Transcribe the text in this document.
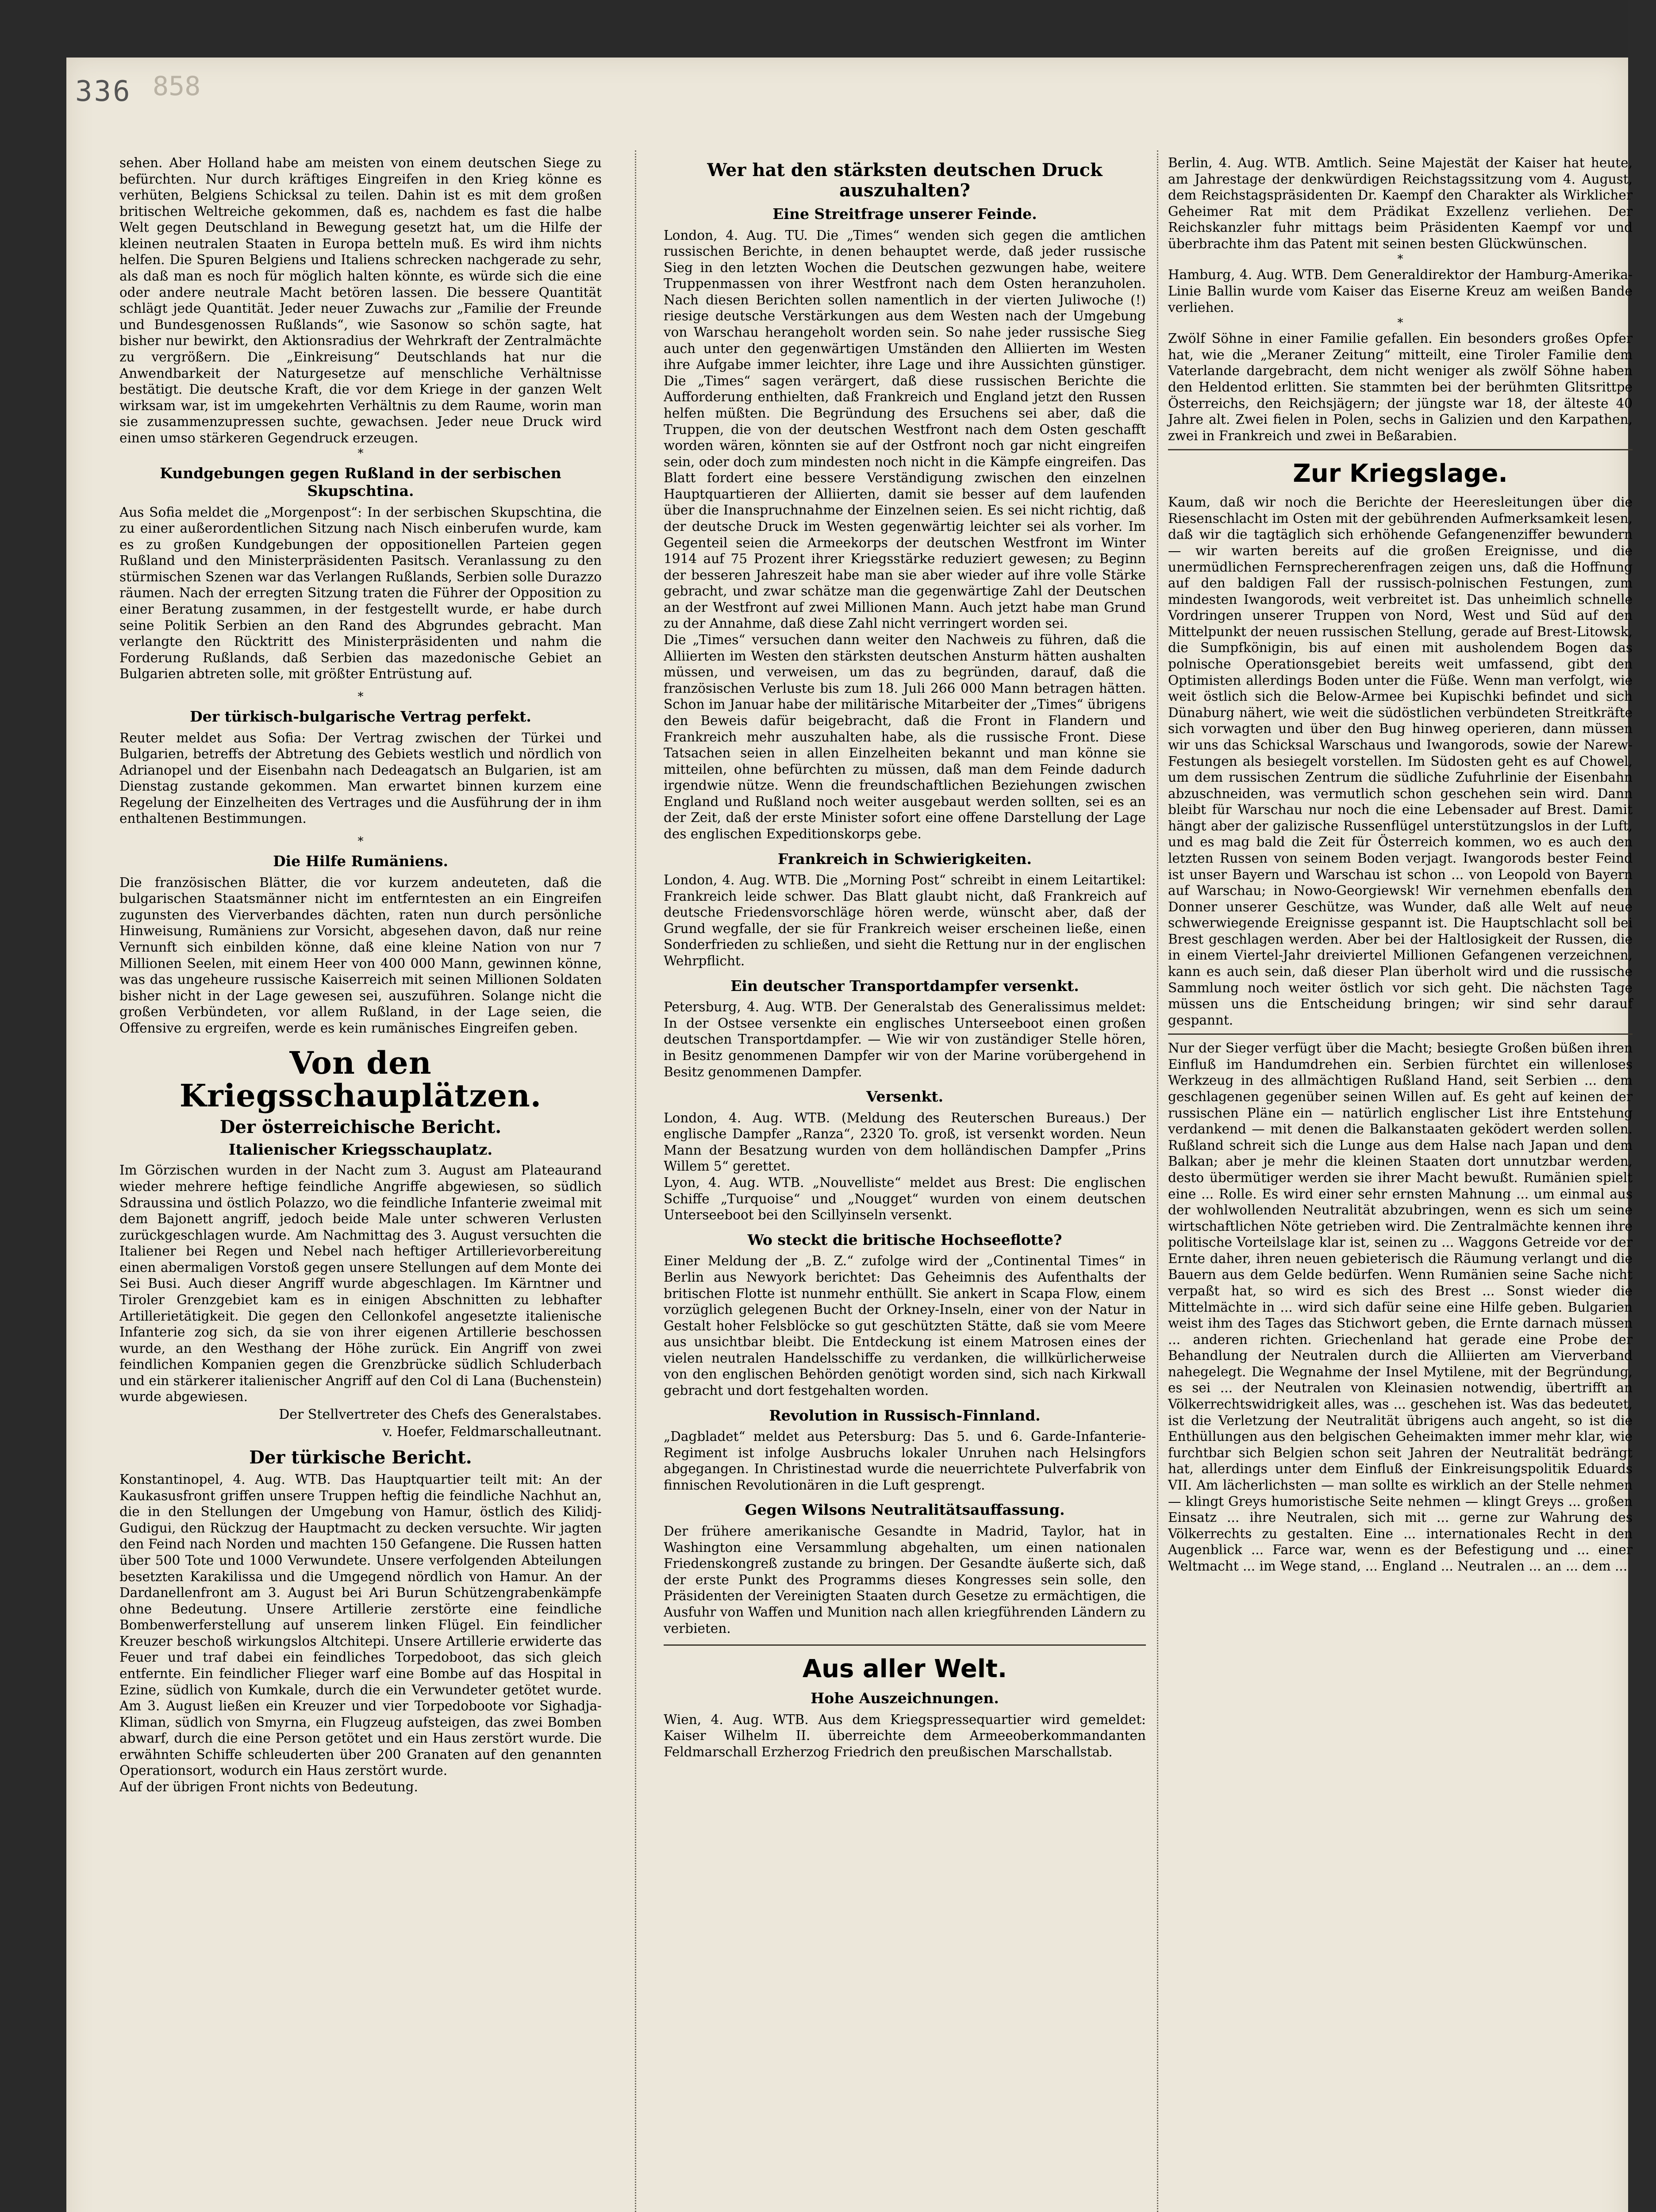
336 858

sehen. Aber Holland habe am meisten von einem deutschen Siege zu befürchten. Nur durch kräftiges Eingreifen in den Krieg könne es verhüten, Belgiens Schicksal zu teilen. Dahin ist es mit dem großen britischen Weltreiche gekommen, daß es, nachdem es fast die halbe Welt gegen Deutschland in Bewegung gesetzt hat, um die Hilfe der kleinen neutralen Staaten in Europa betteln muß. Es wird ihm nichts helfen. Die Spuren Belgiens und Italiens schrecken nachgerade zu sehr, als daß man es noch für möglich halten könnte, es würde sich die eine oder andere neutrale Macht betören lassen. Die bessere Quantität schlägt jede Quantität. Jeder neuer Zuwachs zur „Familie der Freunde und Bundesgenossen Rußlands“, wie Sasonow so schön sagte, hat bisher nur bewirkt, den Aktionsradius der Wehrkraft der Zentralmächte zu vergrößern. Die „Einkreisung“ Deutschlands hat nur die Anwendbarkeit der Naturgesetze auf menschliche Verhältnisse bestätigt. Die deutsche Kraft, die vor dem Kriege in der ganzen Welt wirksam war, ist im umgekehrten Verhältnis zu dem Raume, worin man sie zusammenzupressen suchte, gewachsen. Jeder neue Druck wird einen umso stärkeren Gegendruck erzeugen.

*
Kundgebungen gegen Rußland in der serbischen Skupschtina.

Aus Sofia meldet die „Morgenpost“: In der serbischen Skupschtina, die zu einer außerordentlichen Sitzung nach Nisch einberufen wurde, kam es zu großen Kundgebungen der oppositionellen Parteien gegen Rußland und den Ministerpräsidenten Pasitsch. Veranlassung zu den stürmischen Szenen war das Verlangen Rußlands, Serbien solle Durazzo räumen. Nach der erregten Sitzung traten die Führer der Opposition zu einer Beratung zusammen, in der festgestellt wurde, er habe durch seine Politik Serbien an den Rand des Abgrundes gebracht. Man verlangte den Rücktritt des Ministerpräsidenten und nahm die Forderung Rußlands, daß Serbien das mazedonische Gebiet an Bulgarien abtreten solle, mit größter Entrüstung auf.

*
Der türkisch-bulgarische Vertrag perfekt.

Reuter meldet aus Sofia: Der Vertrag zwischen der Türkei und Bulgarien, betreffs der Abtretung des Gebiets westlich und nördlich von Adrianopel und der Eisenbahn nach Dedeagatsch an Bulgarien, ist am Dienstag zustande gekommen. Man erwartet binnen kurzem eine Regelung der Einzelheiten des Vertrages und die Ausführung der in ihm enthaltenen Bestimmungen.

*
Die Hilfe Rumäniens.

Die französischen Blätter, die vor kurzem andeuteten, daß die bulgarischen Staatsmänner nicht im entferntesten an ein Eingreifen zugunsten des Vierverbandes dächten, raten nun durch persönliche Hinweisung, Rumäniens zur Vorsicht, abgesehen davon, daß nur reine Vernunft sich einbilden könne, daß eine kleine Nation von nur 7 Millionen Seelen, mit einem Heer von 400 000 Mann, gewinnen könne, was das ungeheure russische Kaiserreich mit seinen Millionen Soldaten bisher nicht in der Lage gewesen sei, auszuführen. Solange nicht die großen Verbündeten, vor allem Rußland, in der Lage seien, die Offensive zu ergreifen, werde es kein rumänisches Eingreifen geben.

Von den Kriegsschauplätzen.
Der österreichische Bericht.
Italienischer Kriegsschauplatz.

Im Görzischen wurden in der Nacht zum 3. August am Plateaurand wieder mehrere heftige feindliche Angriffe abgewiesen, so südlich Sdraussina und östlich Polazzo, wo die feindliche Infanterie zweimal mit dem Bajonett angriff, jedoch beide Male unter schweren Verlusten zurückgeschlagen wurde. Am Nachmittag des 3. August versuchten die Italiener bei Regen und Nebel nach heftiger Artillerievorbereitung einen abermaligen Vorstoß gegen unsere Stellungen auf dem Monte dei Sei Busi. Auch dieser Angriff wurde abgeschlagen. Im Kärntner und Tiroler Grenzgebiet kam es in einigen Abschnitten zu lebhafter Artillerietätigkeit. Die gegen den Cellonkofel angesetzte italienische Infanterie zog sich, da sie von ihrer eigenen Artillerie beschossen wurde, an den Westhang der Höhe zurück. Ein Angriff von zwei feindlichen Kompanien gegen die Grenzbrücke südlich Schluderbach und ein stärkerer italienischer Angriff auf den Col di Lana (Buchenstein) wurde abgewiesen.

Der Stellvertreter des Chefs des Generalstabes.
v. Hoefer, Feldmarschalleutnant.
Der türkische Bericht.

Konstantinopel, 4. Aug. WTB. Das Hauptquartier teilt mit: An der Kaukasusfront griffen unsere Truppen heftig die feindliche Nachhut an, die in den Stellungen der Umgebung von Hamur, östlich des Kilidj-Gudigui, den Rückzug der Hauptmacht zu decken versuchte. Wir jagten den Feind nach Norden und machten 150 Gefangene. Die Russen hatten über 500 Tote und 1000 Verwundete. Unsere verfolgenden Abteilungen besetzten Karakilissa und die Umgegend nördlich von Hamur. An der Dardanellenfront am 3. August bei Ari Burun Schützengrabenkämpfe ohne Bedeutung. Unsere Artillerie zerstörte eine feindliche Bombenwerferstellung auf unserem linken Flügel. Ein feindlicher Kreuzer beschoß wirkungslos Altchitepi. Unsere Artillerie erwiderte das Feuer und traf dabei ein feindliches Torpedoboot, das sich gleich entfernte. Ein feindlicher Flieger warf eine Bombe auf das Hospital in Ezine, südlich von Kumkale, durch die ein Verwundeter getötet wurde. Am 3. August ließen ein Kreuzer und vier Torpedoboote vor Sighadja-Kliman, südlich von Smyrna, ein Flugzeug aufsteigen, das zwei Bomben abwarf, durch die eine Person getötet und ein Haus zerstört wurde. Die erwähnten Schiffe schleuderten über 200 Granaten auf den genannten Operationsort, wodurch ein Haus zerstört wurde.

Auf der übrigen Front nichts von Bedeutung.

Wer hat den stärksten deutschen Druck auszuhalten?
Eine Streitfrage unserer Feinde.

London, 4. Aug. TU. Die „Times“ wenden sich gegen die amtlichen russischen Berichte, in denen behauptet werde, daß jeder russische Sieg in den letzten Wochen die Deutschen gezwungen habe, weitere Truppenmassen von ihrer Westfront nach dem Osten heranzuholen. Nach diesen Berichten sollen namentlich in der vierten Juliwoche (!) riesige deutsche Verstärkungen aus dem Westen nach der Umgebung von Warschau herangeholt worden sein. So nahe jeder russische Sieg auch unter den gegenwärtigen Umständen den Alliierten im Westen ihre Aufgabe immer leichter, ihre Lage und ihre Aussichten günstiger. Die „Times“ sagen verärgert, daß diese russischen Berichte die Aufforderung enthielten, daß Frankreich und England jetzt den Russen helfen müßten. Die Begründung des Ersuchens sei aber, daß die Truppen, die von der deutschen Westfront nach dem Osten geschafft worden wären, könnten sie auf der Ostfront noch gar nicht eingreifen sein, oder doch zum mindesten noch nicht in die Kämpfe eingreifen. Das Blatt fordert eine bessere Verständigung zwischen den einzelnen Hauptquartieren der Alliierten, damit sie besser auf dem laufenden über die Inanspruchnahme der Einzelnen seien. Es sei nicht richtig, daß der deutsche Druck im Westen gegenwärtig leichter sei als vorher. Im Gegenteil seien die Armeekorps der deutschen Westfront im Winter 1914 auf 75 Prozent ihrer Kriegsstärke reduziert gewesen; zu Beginn der besseren Jahreszeit habe man sie aber wieder auf ihre volle Stärke gebracht, und zwar schätze man die gegenwärtige Zahl der Deutschen an der Westfront auf zwei Millionen Mann. Auch jetzt habe man Grund zu der Annahme, daß diese Zahl nicht verringert worden sei.

Die „Times“ versuchen dann weiter den Nachweis zu führen, daß die Alliierten im Westen den stärksten deutschen Ansturm hätten aushalten müssen, und verweisen, um das zu begründen, darauf, daß die französischen Verluste bis zum 18. Juli 266 000 Mann betragen hätten. Schon im Januar habe der militärische Mitarbeiter der „Times“ übrigens den Beweis dafür beigebracht, daß die Front in Flandern und Frankreich mehr auszuhalten habe, als die russische Front. Diese Tatsachen seien in allen Einzelheiten bekannt und man könne sie mitteilen, ohne befürchten zu müssen, daß man dem Feinde dadurch irgendwie nütze. Wenn die freundschaftlichen Beziehungen zwischen England und Rußland noch weiter ausgebaut werden sollten, sei es an der Zeit, daß der erste Minister sofort eine offene Darstellung der Lage des englischen Expeditionskorps gebe.

Frankreich in Schwierigkeiten.

London, 4. Aug. WTB. Die „Morning Post“ schreibt in einem Leitartikel: Frankreich leide schwer. Das Blatt glaubt nicht, daß Frankreich auf deutsche Friedensvorschläge hören werde, wünscht aber, daß der Grund wegfalle, der sie für Frankreich weiser erscheinen ließe, einen Sonderfrieden zu schließen, und sieht die Rettung nur in der englischen Wehrpflicht.

Ein deutscher Transportdampfer versenkt.

Petersburg, 4. Aug. WTB. Der Generalstab des Generalissimus meldet: In der Ostsee versenkte ein englisches Unterseeboot einen großen deutschen Transportdampfer. — Wie wir von zuständiger Stelle hören, in Besitz genommenen Dampfer wir von der Marine vorübergehend in Besitz genommenen Dampfer.

Versenkt.

London, 4. Aug. WTB. (Meldung des Reuterschen Bureaus.) Der englische Dampfer „Ranza“, 2320 To. groß, ist versenkt worden. Neun Mann der Besatzung wurden von dem holländischen Dampfer „Prins Willem 5“ gerettet.

Lyon, 4. Aug. WTB. „Nouvelliste“ meldet aus Brest: Die englischen Schiffe „Turquoise“ und „Nougget“ wurden von einem deutschen Unterseeboot bei den Scillyinseln versenkt.

Wo steckt die britische Hochseeflotte?

Einer Meldung der „B. Z.“ zufolge wird der „Continental Times“ in Berlin aus Newyork berichtet: Das Geheimnis des Aufenthalts der britischen Flotte ist nunmehr enthüllt. Sie ankert in Scapa Flow, einem vorzüglich gelegenen Bucht der Orkney-Inseln, einer von der Natur in Gestalt hoher Felsblöcke so gut geschützten Stätte, daß sie vom Meere aus unsichtbar bleibt. Die Entdeckung ist einem Matrosen eines der vielen neutralen Handelsschiffe zu verdanken, die willkürlicherweise von den englischen Behörden genötigt worden sind, sich nach Kirkwall gebracht und dort festgehalten worden.

Revolution in Russisch-Finnland.

„Dagbladet“ meldet aus Petersburg: Das 5. und 6. Garde-Infanterie-Regiment ist infolge Ausbruchs lokaler Unruhen nach Helsingfors abgegangen. In Christinestad wurde die neuerrichtete Pulverfabrik von finnischen Revolutionären in die Luft gesprengt.

Gegen Wilsons Neutralitätsauffassung.

Der frühere amerikanische Gesandte in Madrid, Taylor, hat in Washington eine Versammlung abgehalten, um einen nationalen Friedenskongreß zustande zu bringen. Der Gesandte äußerte sich, daß der erste Punkt des Programms dieses Kongresses sein solle, den Präsidenten der Vereinigten Staaten durch Gesetze zu ermächtigen, die Ausfuhr von Waffen und Munition nach allen kriegführenden Ländern zu verbieten.

Aus aller Welt.
Hohe Auszeichnungen.

Wien, 4. Aug. WTB. Aus dem Kriegspressequartier wird gemeldet: Kaiser Wilhelm II. überreichte dem Armeeoberkommandanten Feldmarschall Erzherzog Friedrich den preußischen Marschallstab.

Berlin, 4. Aug. WTB. Amtlich. Seine Majestät der Kaiser hat heute, am Jahrestage der denkwürdigen Reichstagssitzung vom 4. August, dem Reichstagspräsidenten Dr. Kaempf den Charakter als Wirklicher Geheimer Rat mit dem Prädikat Exzellenz verliehen. Der Reichskanzler fuhr mittags beim Präsidenten Kaempf vor und überbrachte ihm das Patent mit seinen besten Glückwünschen.

*

Hamburg, 4. Aug. WTB. Dem Generaldirektor der Hamburg-Amerika-Linie Ballin wurde vom Kaiser das Eiserne Kreuz am weißen Bande verliehen.

*

Zwölf Söhne in einer Familie gefallen. Ein besonders großes Opfer hat, wie die „Meraner Zeitung“ mitteilt, eine Tiroler Familie dem Vaterlande dargebracht, dem nicht weniger als zwölf Söhne haben den Heldentod erlitten. Sie stammten bei der berühmten Glitsrittpe Österreichs, den Reichsjägern; der jüngste war 18, der älteste 40 Jahre alt. Zwei fielen in Polen, sechs in Galizien und den Karpathen, zwei in Frankreich und zwei in Beßarabien.

Zur Kriegslage.

Kaum, daß wir noch die Berichte der Heeresleitungen über die Riesenschlacht im Osten mit der gebührenden Aufmerksamkeit lesen, daß wir die tagtäglich sich erhöhende Gefangenenziffer bewundern — wir warten bereits auf die großen Ereignisse, und die unermüdlichen Fernsprecherenfragen zeigen uns, daß die Hoffnung auf den baldigen Fall der russisch-polnischen Festungen, zum mindesten Iwangorods, weit verbreitet ist. Das unheimlich schnelle Vordringen unserer Truppen von Nord, West und Süd auf den Mittelpunkt der neuen russischen Stellung, gerade auf Brest-Litowsk, die Sumpfkönigin, bis auf einen mit ausholendem Bogen das polnische Operationsgebiet bereits weit umfassend, gibt den Optimisten allerdings Boden unter die Füße. Wenn man verfolgt, wie weit östlich sich die Below-Armee bei Kupischki befindet und sich Dünaburg nähert, wie weit die südöstlichen verbündeten Streitkräfte sich vorwagten und über den Bug hinweg operieren, dann müssen wir uns das Schicksal Warschaus und Iwangorods, sowie der Narew-Festungen als besiegelt vorstellen. Im Südosten geht es auf Chowel, um dem russischen Zentrum die südliche Zufuhrlinie der Eisenbahn abzuschneiden, was vermutlich schon geschehen sein wird. Dann bleibt für Warschau nur noch die eine Lebensader auf Brest. Damit hängt aber der galizische Russenflügel unterstützungslos in der Luft, und es mag bald die Zeit für Österreich kommen, wo es auch den letzten Russen von seinem Boden verjagt. Iwangorods bester Feind ist unser Bayern und Warschau ist schon ... von Leopold von Bayern auf Warschau; in Nowo-Georgiewsk! Wir vernehmen ebenfalls den Donner unserer Geschütze, was Wunder, daß alle Welt auf neue schwerwiegende Ereignisse gespannt ist. Die Hauptschlacht soll bei Brest geschlagen werden. Aber bei der Haltlosigkeit der Russen, die in einem Viertel-Jahr dreiviertel Millionen Gefangenen verzeichnen, kann es auch sein, daß dieser Plan überholt wird und die russische Sammlung noch weiter östlich vor sich geht. Die nächsten Tage müssen uns die Entscheidung bringen; wir sind sehr darauf gespannt.

Nur der Sieger verfügt über die Macht; besiegte Großen büßen ihren Einfluß im Handumdrehen ein. Serbien fürchtet ein willenloses Werkzeug in des allmächtigen Rußland Hand, seit Serbien ... dem geschlagenen gegenüber seinen Willen auf. Es geht auf keinen der russischen Pläne ein — natürlich englischer List ihre Entstehung verdankend — mit denen die Balkanstaaten geködert werden sollen. Rußland schreit sich die Lunge aus dem Halse nach Japan und dem Balkan; aber je mehr die kleinen Staaten dort unnutzbar werden, desto übermütiger werden sie ihrer Macht bewußt. Rumänien spielt eine ... Rolle. Es wird einer sehr ernsten Mahnung ... um einmal aus der wohlwollenden Neutralität abzubringen, wenn es sich um seine wirtschaftlichen Nöte getrieben wird. Die Zentralmächte kennen ihre politische Vorteilslage klar ist, seinen zu ... Waggons Getreide vor der Ernte daher, ihren neuen gebieterisch die Räumung verlangt und die Bauern aus dem Gelde bedürfen. Wenn Rumänien seine Sache nicht verpaßt hat, so wird es sich des Brest ... Sonst wieder die Mittelmächte in ... wird sich dafür seine eine Hilfe geben. Bulgarien weist ihm des Tages das Stichwort geben, die Ernte darnach müssen ... anderen richten. Griechenland hat gerade eine Probe der Behandlung der Neutralen durch die Alliierten am Vierverband nahegelegt. Die Wegnahme der Insel Mytilene, mit der Begründung, es sei ... der Neutralen von Kleinasien notwendig, übertrifft an Völkerrechtswidrigkeit alles, was ... geschehen ist. Was das bedeutet, ist die Verletzung der Neutralität übrigens auch angeht, so ist die Enthüllungen aus den belgischen Geheimakten immer mehr klar, wie furchtbar sich Belgien schon seit Jahren der Neutralität bedrängt hat, allerdings unter dem Einfluß der Einkreisungspolitik Eduards VII. Am lächerlichsten — man sollte es wirklich an der Stelle nehmen — klingt Greys humoristische Seite nehmen — klingt Greys ... großen Einsatz ... ihre Neutralen, sich mit ... gerne zur Wahrung des Völkerrechts zu gestalten. Eine ... internationales Recht in den Augenblick ... Farce war, wenn es der Befestigung und ... einer Weltmacht ... im Wege stand, ... England ... Neutralen ... an ... dem ...
